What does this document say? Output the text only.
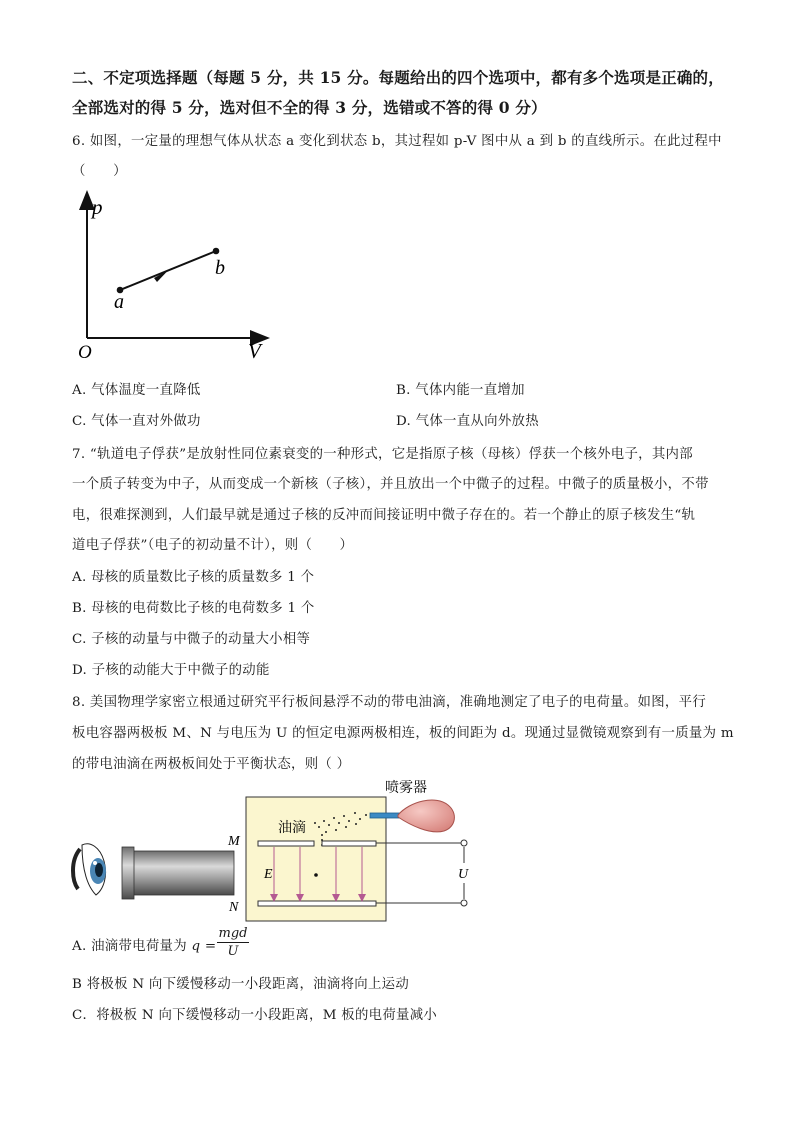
二、不定项选择题（每题 5 分，共 15 分。每题给出的四个选项中，都有多个选项是正确的，
全部选对的得 5 分，选对但不全的得 3 分，选错或不答的得 0 分）
6. 如图，一定量的理想气体从状态 a 变化到状态 b，其过程如 p-V 图中从 a 到 b 的直线所示。在此过程中
（　　）
p
V
O
a
b
A. 气体温度一直降低	B. 气体内能一直增加
C. 气体一直对外做功	D. 气体一直从向外放热
7. “轨道电子俘获”是放射性同位素衰变的一种形式，它是指原子核（母核）俘获一个核外电子，其内部
一个质子转变为中子，从而变成一个新核（子核），并且放出一个中微子的过程。中微子的质量极小，不带
电，很难探测到，人们最早就是通过子核的反冲而间接证明中微子存在的。若一个静止的原子核发生“轨
道电子俘获”（电子的初动量不计），则（　　）
A. 母核的质量数比子核的质量数多 1 个
B. 母核的电荷数比子核的电荷数多 1 个
C. 子核的动量与中微子的动量大小相等
D. 子核的动能大于中微子的动能
8. 美国物理学家密立根通过研究平行板间悬浮不动的带电油滴，准确地测定了电子的电荷量。如图，平行
板电容器两极板 M、N 与电压为 U 的恒定电源两极相连，板的间距为 d。现通过显微镜观察到有一质量为 m
的带电油滴在两极板间处于平衡状态，则（ ）
喷雾器
油滴
M
N
E	U
A. 油滴带电荷量为 q =
mgd
U
B 将极板 N 向下缓慢移动一小段距离，油滴将向上运动
C．将极板 N 向下缓慢移动一小段距离，M 板的电荷量减小
